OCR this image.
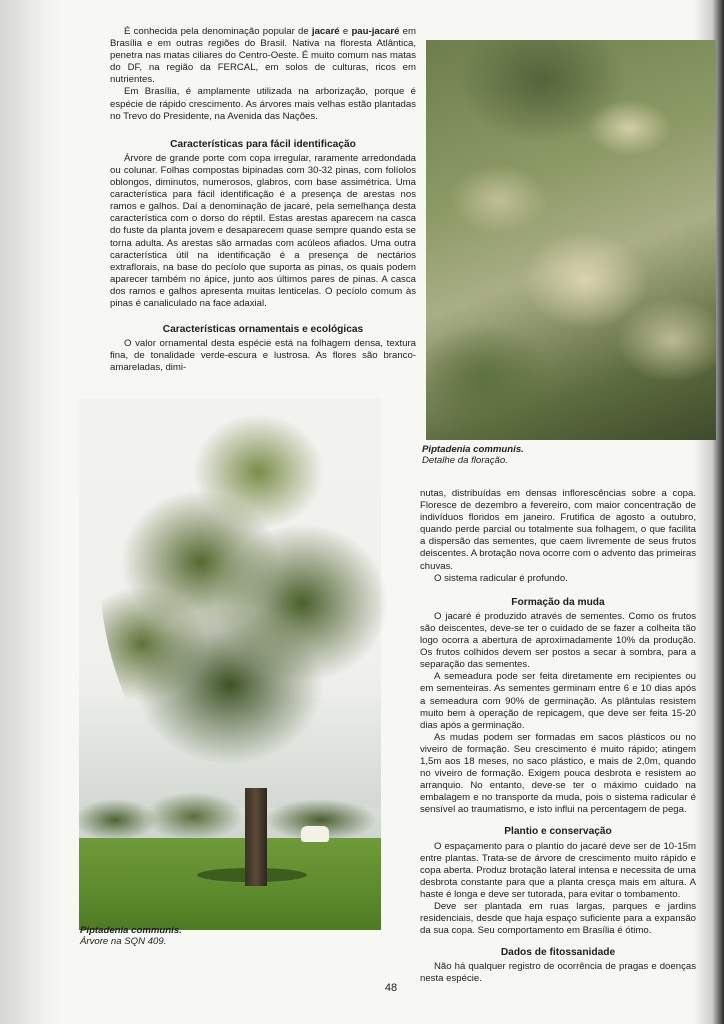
É conhecida pela denominação popular de jacaré e pau-jacaré em Brasília e em outras regiões do Brasil. Nativa na floresta Atlântica, penetra nas matas ciliares do Centro-Oeste. É muito comum nas matas do DF, na região da FERCAL, em solos de culturas, ricos em nutrientes.

Em Brasília, é amplamente utilizada na arborização, porque é espécie de rápido crescimento. As árvores mais velhas estão plantadas no Trevo do Presidente, na Avenida das Nações.

Características para fácil identificação

Árvore de grande porte com copa irregular, raramente arredondada ou colunar. Folhas compostas bipinadas com 30-32 pinas, com folíolos oblongos, diminutos, numerosos, glabros, com base assimétrica. Uma característica para fácil identificação é a presença de arestas nos ramos e galhos. Daí a denominação de jacaré, pela semelhança desta característica com o dorso do réptil. Estas arestas aparecem na casca do fuste da planta jovem e desaparecem quase sempre quando esta se torna adulta. As arestas são armadas com acúleos afiados. Uma outra característica útil na identificação é a presença de nectários extraflorais, na base do pecíolo que suporta as pinas, os quais podem aparecer também no ápice, junto aos últimos pares de pinas. A casca dos ramos e galhos apresenta muitas lenticelas. O pecíolo comum às pinas é canaliculado na face adaxial.

Características ornamentais e ecológicas

O valor ornamental desta espécie está na folhagem densa, textura fina, de tonalidade verde-escura e lustrosa. As flores são branco-amareladas, dimi-

Piptadenia communis.
Detalhe da floração.
Piptadenia communis.
Árvore na SQN 409.

nutas, distribuídas em densas inflorescências sobre a copa. Floresce de dezembro a fevereiro, com maior concentração de indivíduos floridos em janeiro. Frutifica de agosto a outubro, quando perde parcial ou totalmente sua folhagem, o que facilita a dispersão das sementes, que caem livremente de seus frutos deiscentes. A brotação nova ocorre com o advento das primeiras chuvas.

O sistema radicular é profundo.

Formação da muda

O jacaré é produzido através de sementes. Como os frutos são deiscentes, deve-se ter o cuidado de se fazer a colheita tão logo ocorra a abertura de aproximadamente 10% da produção. Os frutos colhidos devem ser postos a secar à sombra, para a separação das sementes.

A semeadura pode ser feita diretamente em recipientes ou em sementeiras. As sementes germinam entre 6 e 10 dias após a semeadura com 90% de germinação. As plântulas resistem muito bem à operação de repicagem, que deve ser feita 15-20 dias após a germinação.

As mudas podem ser formadas em sacos plásticos ou no viveiro de formação. Seu crescimento é muito rápido; atingem 1,5m aos 18 meses, no saco plástico, e mais de 2,0m, quando no viveiro de formação. Exigem pouca desbrota e resistem ao arranquio. No entanto, deve-se ter o máximo cuidado na embalagem e no transporte da muda, pois o sistema radicular é sensível ao traumatismo, e isto influi na percentagem de pega.

Plantio e conservação

O espaçamento para o plantio do jacaré deve ser de 10-15m entre plantas. Trata-se de árvore de crescimento muito rápido e copa aberta. Produz brotação lateral intensa e necessita de uma desbrota constante para que a planta cresça mais em altura. A haste é longa e deve ser tutorada, para evitar o tombamento.

Deve ser plantada em ruas largas, parques e jardins residenciais, desde que haja espaço suficiente para a expansão da sua copa. Seu comportamento em Brasília é ótimo.

Dados de fitossanidade

Não há qualquer registro de ocorrência de pragas e doenças nesta espécie.

48
